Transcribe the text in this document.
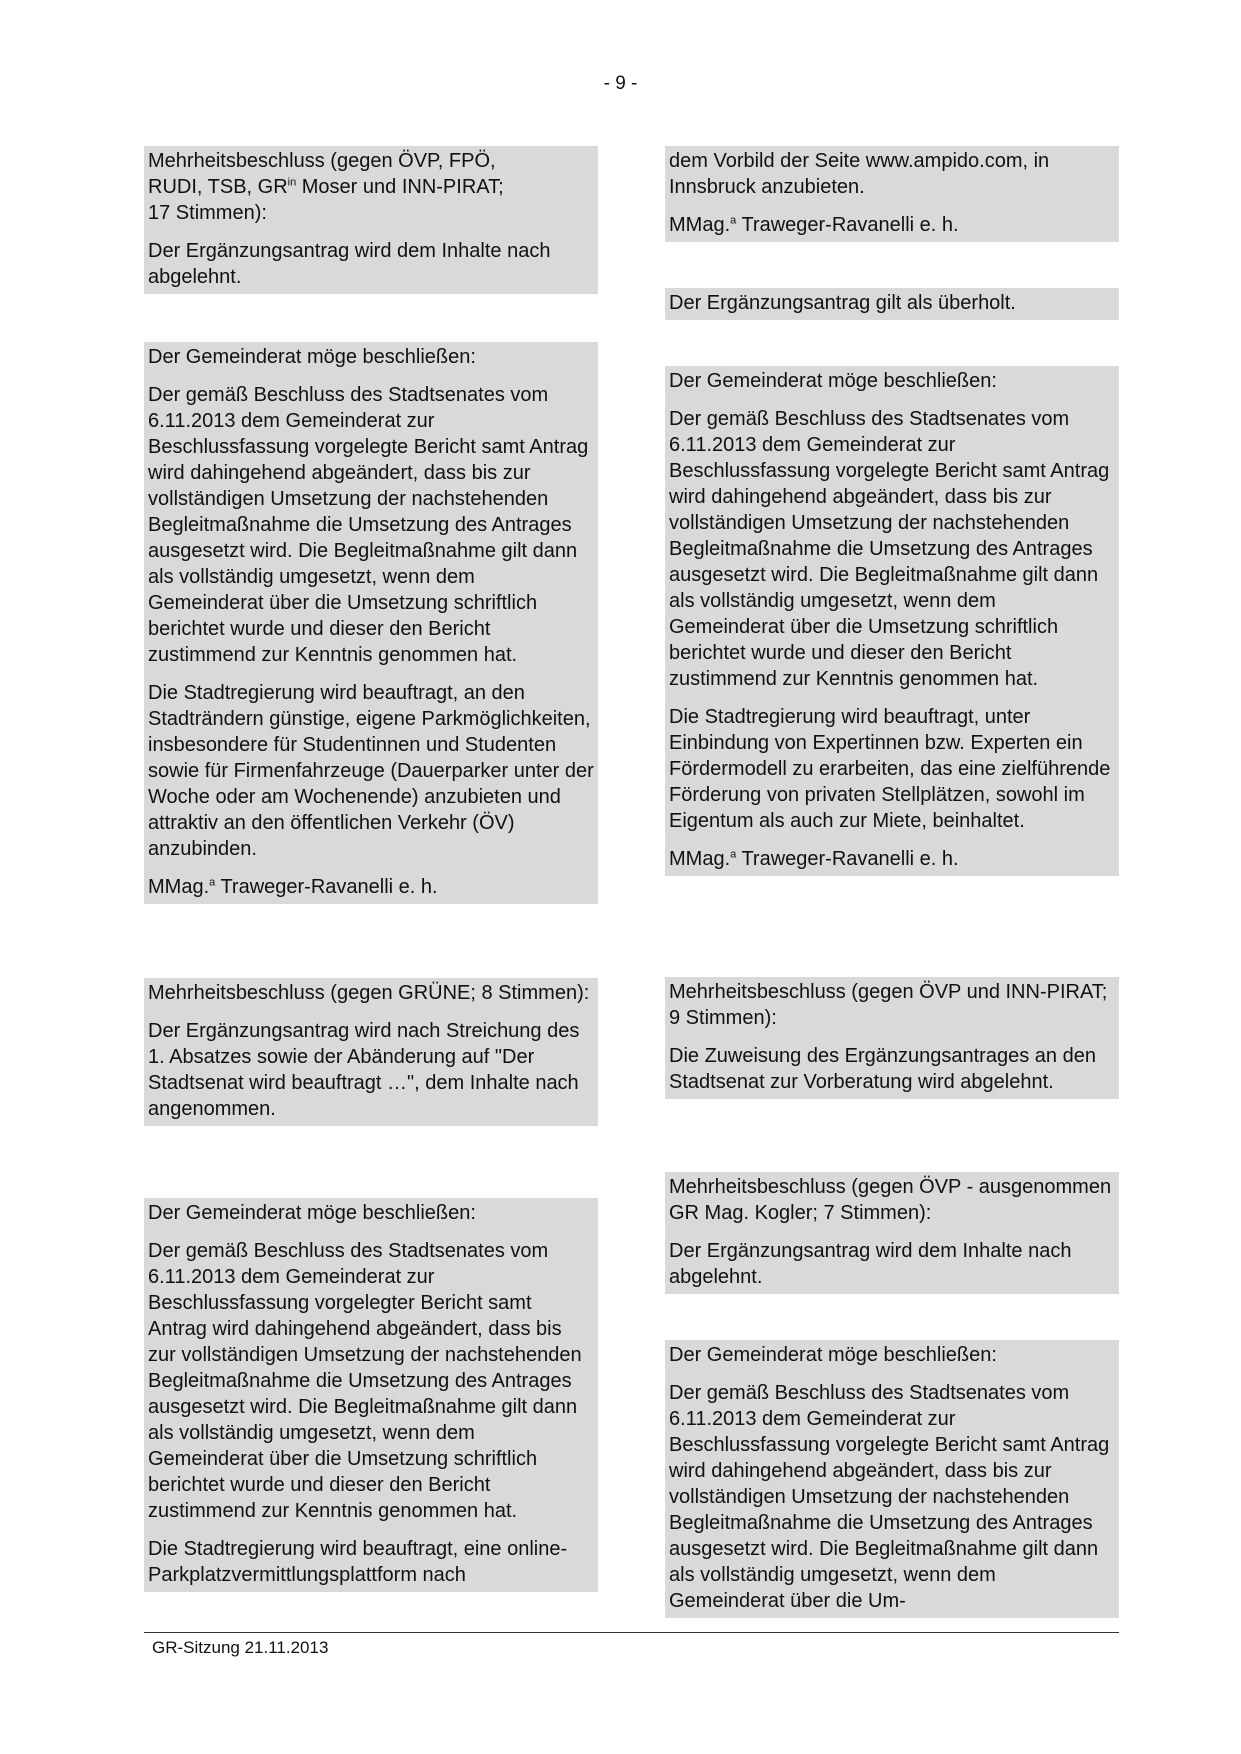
- 9 -

Mehrheitsbeschluss (gegen ÖVP, FPÖ,
RUDI, TSB, $GR^{in}$ Moser und INN-PIRAT;
17 Stimmen):

Der Ergänzungsantrag wird dem Inhalte nach abgelehnt.

Der Gemeinderat möge beschließen:

Der gemäß Beschluss des Stadtsenates vom 6.11.2013 dem Gemeinderat zur Beschlussfassung vorgelegte Bericht samt Antrag wird dahingehend abgeändert, dass bis zur vollständigen Umsetzung der nachstehenden Begleitmaßnahme die Umsetzung des Antrages ausgesetzt wird. Die Begleitmaßnahme gilt dann als vollständig umgesetzt, wenn dem Gemeinderat über die Umsetzung schriftlich berichtet wurde und dieser den Bericht zustimmend zur Kenntnis genommen hat.

Die Stadtregierung wird beauftragt, an den Stadträndern günstige, eigene Parkmöglichkeiten, insbesondere für Studentinnen und Studenten sowie für Firmenfahrzeuge (Dauerparker unter der Woche oder am Wochenende) anzubieten und attraktiv an den öffentlichen Verkehr (ÖV) anzubinden.

MMag.$^a$ Traweger-Ravanelli e. h.

Mehrheitsbeschluss (gegen GRÜNE; 8 Stimmen):

Der Ergänzungsantrag wird nach Streichung des 1. Absatzes sowie der Abänderung auf "Der Stadtsenat wird beauftragt …", dem Inhalte nach angenommen.

Der Gemeinderat möge beschließen:

Der gemäß Beschluss des Stadtsenates vom 6.11.2013 dem Gemeinderat zur Beschlussfassung vorgelegter Bericht samt Antrag wird dahingehend abgeändert, dass bis zur vollständigen Umsetzung der nachstehenden Begleitmaßnahme die Umsetzung des Antrages ausgesetzt wird. Die Begleitmaßnahme gilt dann als vollständig umgesetzt, wenn dem Gemeinderat über die Umsetzung schriftlich berichtet wurde und dieser den Bericht zustimmend zur Kenntnis genommen hat.

Die Stadtregierung wird beauftragt, eine online-Parkplatzvermittlungsplattform nach

dem Vorbild der Seite www.ampido.com, in Innsbruck anzubieten.

MMag.$^a$ Traweger-Ravanelli e. h.

Der Ergänzungsantrag gilt als überholt.

Der Gemeinderat möge beschließen:

Der gemäß Beschluss des Stadtsenates vom 6.11.2013 dem Gemeinderat zur Beschlussfassung vorgelegte Bericht samt Antrag wird dahingehend abgeändert, dass bis zur vollständigen Umsetzung der nachstehenden Begleitmaßnahme die Umsetzung des Antrages ausgesetzt wird. Die Begleitmaßnahme gilt dann als vollständig umgesetzt, wenn dem Gemeinderat über die Umsetzung schriftlich berichtet wurde und dieser den Bericht zustimmend zur Kenntnis genommen hat.

Die Stadtregierung wird beauftragt, unter Einbindung von Expertinnen bzw. Experten ein Fördermodell zu erarbeiten, das eine zielführende Förderung von privaten Stellplätzen, sowohl im Eigentum als auch zur Miete, beinhaltet.

MMag.$^a$ Traweger-Ravanelli e. h.

Mehrheitsbeschluss (gegen ÖVP und INN-PIRAT; 9 Stimmen):

Die Zuweisung des Ergänzungsantrages an den Stadtsenat zur Vorberatung wird abgelehnt.

Mehrheitsbeschluss (gegen ÖVP - ausgenommen GR Mag. Kogler; 7 Stimmen):

Der Ergänzungsantrag wird dem Inhalte nach abgelehnt.

Der Gemeinderat möge beschließen:

Der gemäß Beschluss des Stadtsenates vom 6.11.2013 dem Gemeinderat zur Beschlussfassung vorgelegte Bericht samt Antrag wird dahingehend abgeändert, dass bis zur vollständigen Umsetzung der nachstehenden Begleitmaßnahme die Umsetzung des Antrages ausgesetzt wird. Die Begleitmaßnahme gilt dann als vollständig umgesetzt, wenn dem Gemeinderat über die Um-

GR-Sitzung 21.11.2013
